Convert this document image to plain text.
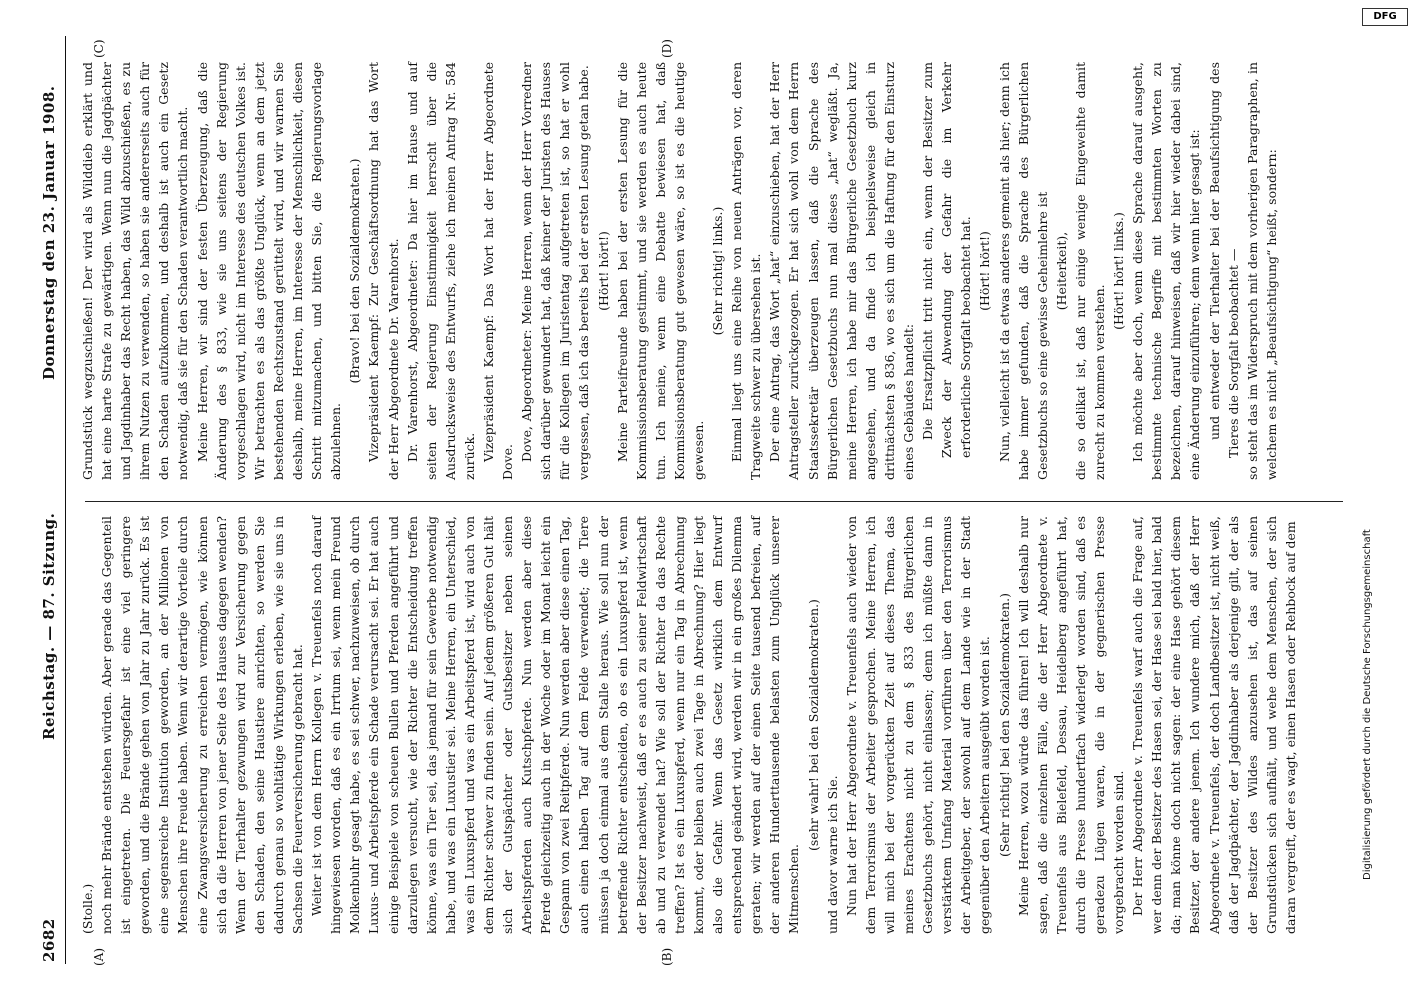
2682
Reichstag. — 87. Sitzung.
Donnerstag den 23. Januar 1908.
(A)	(B)
(C)	(D)

(Stolle.) noch mehr Brände entstehen würden. Aber gerade das Gegenteil ist eingetreten. Die Feuersgefahr ist eine viel geringere geworden, und die Brände gehen von Jahr zu Jahr zurück. Es ist eine segensreiche Institution geworden, an der Millionen von Menschen ihre Freude haben. Wenn wir derartige Vorteile durch eine Zwangsversicherung zu erreichen vermögen, wie können sich da die Herren von jener Seite des Hauses dagegen wenden? Wenn der Tierhalter gezwungen wird zur Versicherung gegen den Schaden, den seine Haustiere anrichten, so werden Sie dadurch genau so wohltätige Wirkungen erleben, wie sie uns in Sachsen die Feuerversicherung gebracht hat. Weiter ist von dem Herrn Kollegen v. Treuenfels noch darauf hingewiesen worden, daß es ein Irrtum sei, wenn mein Freund Molkenbuhr gesagt habe, es sei schwer, nachzuweisen, ob durch Luxus- und Arbeitspferde ein Schade verursacht sei. Er hat auch einige Beispiele von scheuen Bullen und Pferden angeführt und darzulegen versucht, wie der Richter die Entscheidung treffen könne, was ein Tier sei, das jemand für sein Gewerbe notwendig habe, und was ein Luxustier sei. Meine Herren, ein Unterschied, was ein Luxuspferd und was ein Arbeitspferd ist, wird auch von dem Richter schwer zu finden sein. Auf jedem größeren Gut hält sich der Gutspächter oder Gutsbesitzer neben seinen Arbeitspferden auch Kutschpferde. Nun werden aber diese Pferde gleichzeitig auch in der Woche oder im Monat leicht ein Gespann von zwei Reitpferde. Nun werden aber diese einen Tag, auch einen halben Tag auf dem Felde verwendet; die Tiere müssen ja doch einmal aus dem Stalle heraus. Wie soll nun der betreffende Richter entscheiden, ob es ein Luxuspferd ist, wenn der Besitzer nachweist, daß er es auch zu seiner Feldwirtschaft ab und zu verwendet hat? Wie soll der Richter da das Rechte treffen? Ist es ein Luxuspferd, wenn nur ein Tag in Abrechnung kommt, oder bleiben auch zwei Tage in Abrechnung? Hier liegt also die Gefahr. Wenn das Gesetz wirklich dem Entwurf entsprechend geändert wird, werden wir in ein großes Dilemma geraten; wir werden auf der einen Seite tausend befreien, auf der anderen Hunderttausende belasten zum Unglück unserer Mitmenschen.

(sehr wahr! bei den Sozialdemokraten.)

und davor warne ich Sie. Nun hat der Herr Abgeordnete v. Treuenfels auch wieder von dem Terrorismus der Arbeiter gesprochen. Meine Herren, ich will mich bei der vorgerückten Zeit auf dieses Thema, das meines Erachtens nicht zu dem § 833 des Bürgerlichen Gesetzbuchs gehört, nicht einlassen; denn ich müßte dann in verstärktem Umfang Material vorführen über den Terrorismus der Arbeitgeber, der sowohl auf dem Lande wie in der Stadt gegenüber den Arbeitern ausgeübt worden ist. (Sehr richtig! bei den Sozialdemokraten.) Meine Herren, wozu würde das führen! Ich will deshalb nur sagen, daß die einzelnen Fälle, die der Herr Abgeordnete v. Treuenfels aus Bielefeld, Dessau, Heidelberg angeführt hat, durch die Presse hundertfach widerlegt worden sind, daß es geradezu Lügen waren, die in der gegnerischen Presse vorgebracht worden sind. Der Herr Abgeordnete v. Treuenfels warf auch die Frage auf, wer denn der Besitzer des Hasen sei, der Hase sei bald hier, bald da; man könne doch nicht sagen: der eine Hase gehört diesem Besitzer, der andere jenem. Ich wundere mich, daß der Herr Abgeordnete v. Treuenfels, der doch Landbesitzer ist, nicht weiß, daß der Jagdpächter, der Jagdinhaber als derjenige gilt, der als der Besitzer des Wildes anzusehen ist, das auf seinen Grundstücken sich aufhält, und wehe dem Menschen, der sich daran vergreift, der es wagt, einen Hasen oder Rehbock auf dem

Grundstück wegzuschießen! Der wird als Wilddieb erklärt und hat eine harte Strafe zu gewärtigen. Wenn nun die Jagdpächter und Jagdinhaber das Recht haben, das Wild abzuschießen, es zu ihrem Nutzen zu verwenden, so haben sie andererseits auch für den Schaden aufzukommen, und deshalb ist auch ein Gesetz notwendig, daß sie für den Schaden verantwortlich macht. Meine Herren, wir sind der festen Überzeugung, daß die Änderung des § 833, wie sie uns seitens der Regierung vorgeschlagen wird, nicht im Interesse des deutschen Volkes ist. Wir betrachten es als das größte Unglück, wenn an dem jetzt bestehenden Rechtszustand gerüttelt wird, und wir warnen Sie deshalb, meine Herren, im Interesse der Menschlichkeit, diesen Schritt mitzumachen, und bitten Sie, die Regierungsvorlage abzulehnen.

(Bravo! bei den Sozialdemokraten.) Vizepräsident Kaempf: Zur Geschäftsordnung hat das Wort der Herr Abgeordnete Dr. Varenhorst. Dr. Varenhorst, Abgeordneter: Da hier im Hause und auf seiten der Regierung Einstimmigkeit herrscht über die Ausdrucksweise des Entwurfs, ziehe ich meinen Antrag Nr. 584 zurück. Vizepräsident Kaempf: Das Wort hat der Herr Abgeordnete Dove.

Dove, Abgeordneter: Meine Herren, wenn der Herr Vorredner sich darüber gewundert hat, daß keiner der Juristen des Hauses für die Kollegen im Juristentag aufgetreten ist, so hat er wohl vergessen, daß ich das bereits bei der ersten Lesung getan habe. (Hört! hört!) Meine Parteifreunde haben bei der ersten Lesung für die Kommissionsberatung gestimmt, und sie werden es auch heute tun. Ich meine, wenn eine Debatte bewiesen hat, daß Kommissionsberatung gut gewesen wäre, so ist es die heutige gewesen.

(Sehr richtig! links.) Einmal liegt uns eine Reihe von neuen Anträgen vor, deren Tragweite schwer zu übersehen ist. Der eine Antrag, das Wort „hat“ einzuschieben, hat der Herr Antragsteller zurückgezogen. Er hat sich wohl von dem Herrn Staatssekretär überzeugen lassen, daß die Sprache des Bürgerlichen Gesetzbuchs nun mal dieses „hat“ wegläßt. Ja, meine Herren, ich habe mir das Bürgerliche Gesetzbuch kurz angesehen, und da finde ich beispielsweise gleich in drittnächsten § 836, wo es sich um die Haftung für den Einsturz eines Gebäudes handelt: Die Ersatzpflicht tritt nicht ein, wenn der Besitzer zum Zweck der Abwendung der Gefahr die im Verkehr erforderliche Sorgfalt beobachtet hat. (Hört! hört!) Nun, vielleicht ist da etwas anderes gemeint als hier; denn ich habe immer gefunden, daß die Sprache des Bürgerlichen Gesetzbuchs so eine gewisse Geheimlehre ist (Heiterkeit), die so delikat ist, daß nur einige wenige Eingeweihte damit zurecht zu kommen verstehen.

(Hört! hört! links.) Ich möchte aber doch, wenn diese Sprache darauf ausgeht, bestimmte technische Begriffe mit bestimmten Worten zu bezeichnen, darauf hinweisen, daß wir hier wieder dabei sind, eine Änderung einzuführen; denn wenn hier gesagt ist: und entweder der Tierhalter bei der Beaufsichtigung des Tieres die Sorgfalt beobachtet — so steht das im Widerspruch mit dem vorherigen Paragraphen, in welchem es nicht „Beaufsichtigung“ heißt, sondern:

Digitalisierung gefördert durch die Deutsche Forschungsgemeinschaft
DFG
